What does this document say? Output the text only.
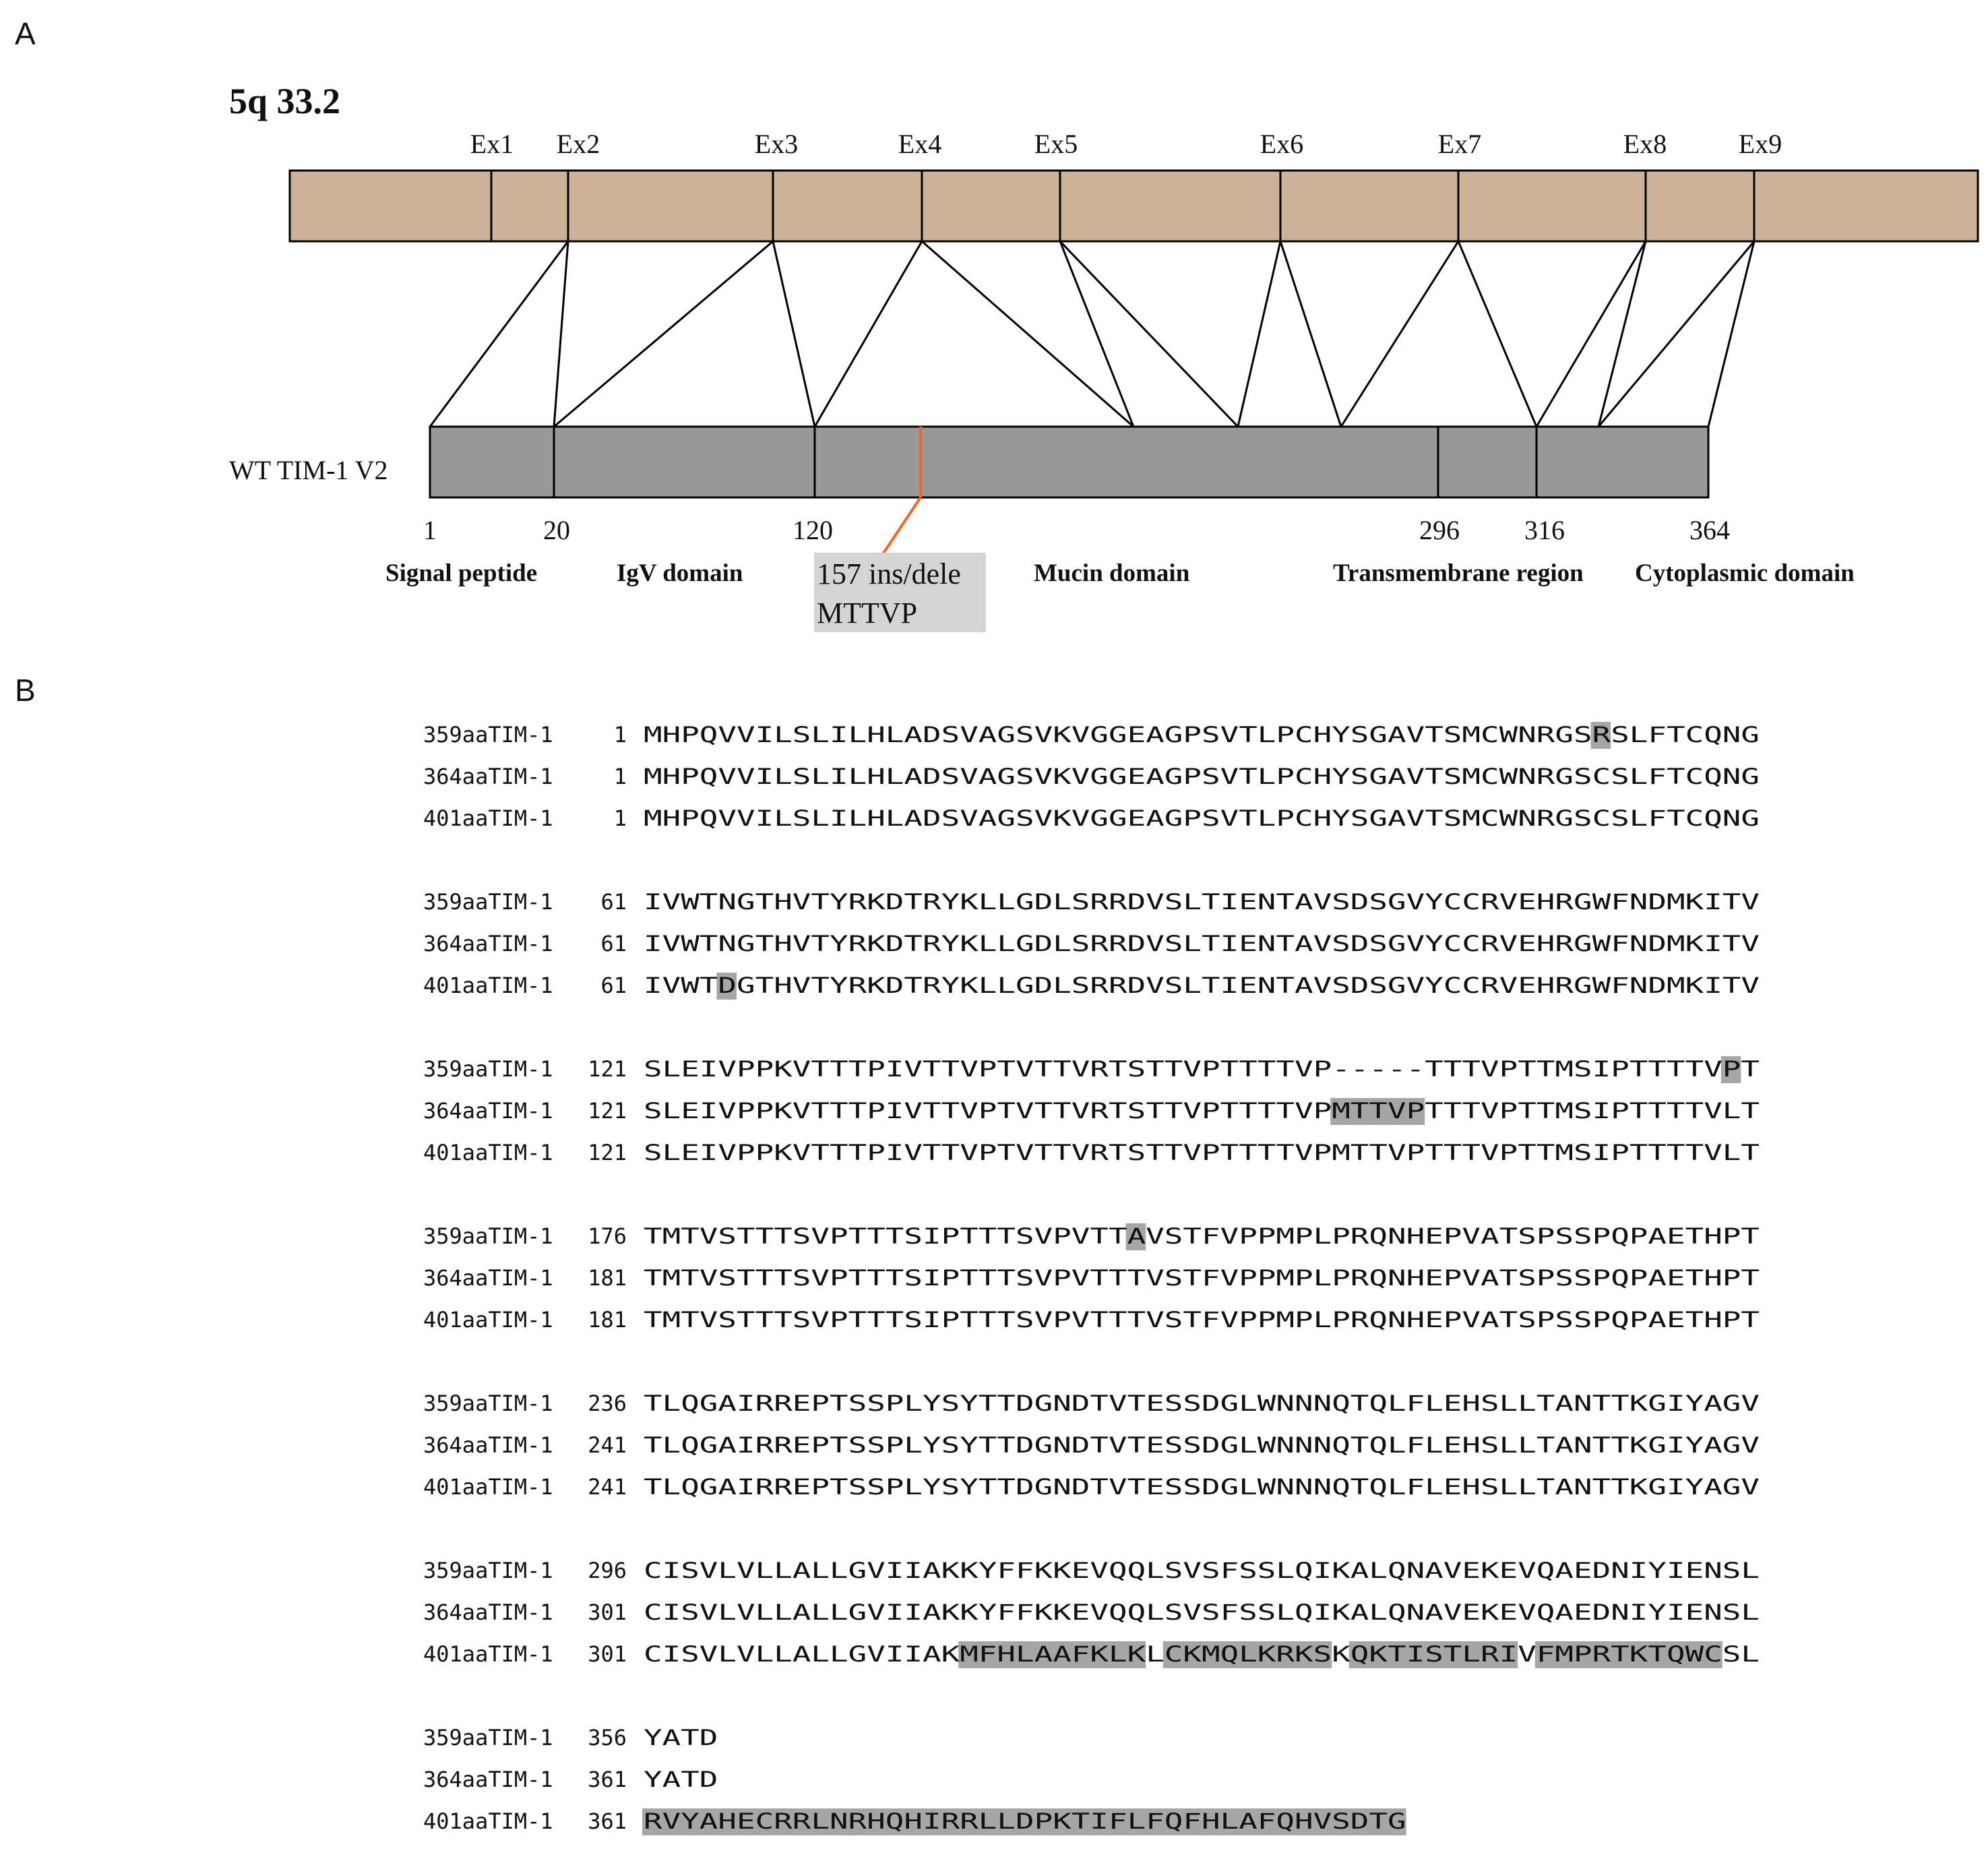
A
B
5q 33.2
Ex1 Ex2	Ex3	Ex4	Ex5	Ex6	Ex7	Ex8	Ex9
WT TIM-1 V2
1	20	120	296 316	364
Signal peptide	IgV domain	Mucin domain	Transmembrane region Cytoplasmic domain
157 ins/dele
MTTVP
359aaTIM-1	1 MHPQVVILSLILHLADSVAGSVKVGGEAGPSVTLPCHYSGAVTSMCWNRGSRSLFTCQNG
364aaTIM-1	1 MHPQVVILSLILHLADSVAGSVKVGGEAGPSVTLPCHYSGAVTSMCWNRGSCSLFTCQNG
401aaTIM-1	1 MHPQVVILSLILHLADSVAGSVKVGGEAGPSVTLPCHYSGAVTSMCWNRGSCSLFTCQNG
359aaTIM-1 61 IVWTNGTHVTYRKDTRYKLLGDLSRRDVSLTIENTAVSDSGVYCCRVEHRGWFNDMKITV
364aaTIM-1 61 IVWTNGTHVTYRKDTRYKLLGDLSRRDVSLTIENTAVSDSGVYCCRVEHRGWFNDMKITV
401aaTIM-1 61 IVWTDGTHVTYRKDTRYKLLGDLSRRDVSLTIENTAVSDSGVYCCRVEHRGWFNDMKITV
359aaTIM-1 121 SLEIVPPKVTTTPIVTTVPTVTTVRTSTTVPTTTTVP-----TTTVPTTMSIPTTTTVPT
364aaTIM-1 121 SLEIVPPKVTTTPIVTTVPTVTTVRTSTTVPTTTTVPMTTVPTTTVPTTMSIPTTTTVLT
401aaTIM-1 121 SLEIVPPKVTTTPIVTTVPTVTTVRTSTTVPTTTTVPMTTVPTTTVPTTMSIPTTTTVLT
359aaTIM-1 176 TMTVSTTTSVPTTTSIPTTTSVPVTTAVSTFVPPMPLPRQNHEPVATSPSSPQPAETHPT
364aaTIM-1 181 TMTVSTTTSVPTTTSIPTTTSVPVTTTVSTFVPPMPLPRQNHEPVATSPSSPQPAETHPT
401aaTIM-1 181 TMTVSTTTSVPTTTSIPTTTSVPVTTTVSTFVPPMPLPRQNHEPVATSPSSPQPAETHPT
359aaTIM-1 236 TLQGAIRREPTSSPLYSYTTDGNDTVTESSDGLWNNNQTQLFLEHSLLTANTTKGIYAGV
364aaTIM-1 241 TLQGAIRREPTSSPLYSYTTDGNDTVTESSDGLWNNNQTQLFLEHSLLTANTTKGIYAGV
401aaTIM-1 241 TLQGAIRREPTSSPLYSYTTDGNDTVTESSDGLWNNNQTQLFLEHSLLTANTTKGIYAGV
359aaTIM-1 296 CISVLVLLALLGVIIAKKYFFKKEVQQLSVSFSSLQIKALQNAVEKEVQAEDNIYIENSL
364aaTIM-1 301 CISVLVLLALLGVIIAKKYFFKKEVQQLSVSFSSLQIKALQNAVEKEVQAEDNIYIENSL
401aaTIM-1 301 CISVLVLLALLGVIIAKMFHLAAFKLKLCKMQLKRKSKQKTISTLRIVFMPRTKTQWCSL
359aaTIM-1 356 YATD
364aaTIM-1 361 YATD
401aaTIM-1 361 RVYAHECRRLNRHQHIRRLLDPKTIFLFQFHLAFQHVSDTG
